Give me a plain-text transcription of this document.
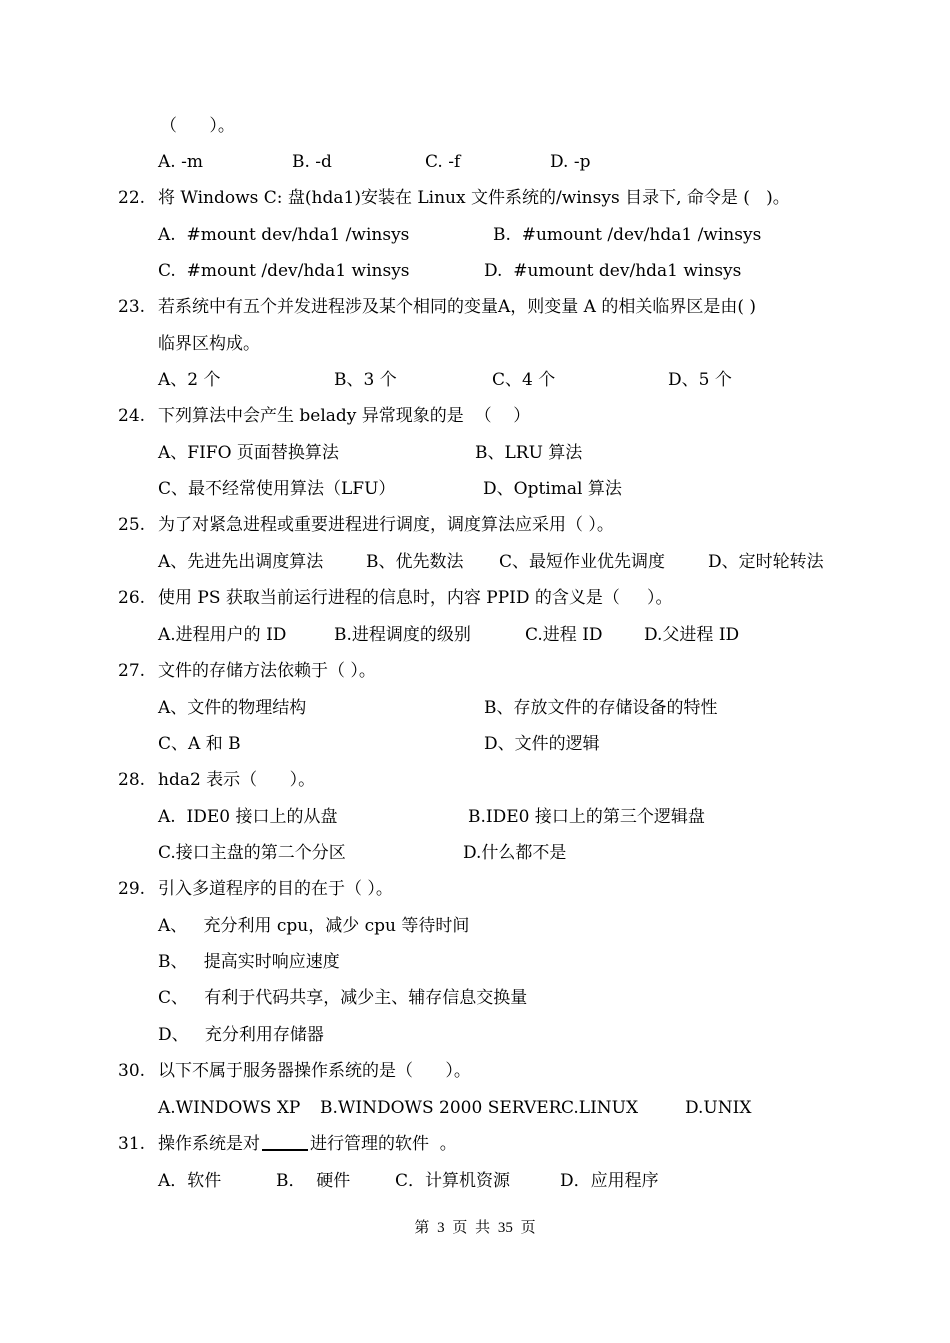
（      ）。
A. -m	B. -d	C. -f	D. -p

22.

将 Windows C: 盘(hda1)安装在 Linux 文件系统的/winsys 目录下, 命令是 (   )。

A.  #mount dev/hda1 /winsys	B.  #umount /dev/hda1 /winsys
C.  #mount /dev/hda1 winsys	D.  #umount dev/hda1 winsys

23.

若系统中有五个并发进程涉及某个相同的变量A，则变量 A 的相关临界区是由( )

临界区构成。
A、2 个	B、3 个	C、4 个	D、5 个

24.

下列算法中会产生 belady 异常现象的是  （    ）

A、FIFO 页面替换算法	B、LRU 算法
C、最不经常使用算法（LFU）	D、Optimal 算法

25.

为了对紧急进程或重要进程进行调度，调度算法应采用（ ）。

A、先进先出调度算法	B、优先数法 C、最短作业优先调度	D、定时轮转法

26.

使用 PS 获取当前运行进程的信息时，内容 PPID 的含义是（     ）。

A.进程用户的 ID	B.进程调度的级别	C.进程 ID D.父进程 ID

27.

文件的存储方法依赖于（ ）。

A、文件的物理结构	B、存放文件的存储设备的特性
C、A 和 B	D、文件的逻辑

28.

hda2 表示（      ）。

A.  IDE0 接口上的从盘	B.IDE0 接口上的第三个逻辑盘
C.接口主盘的第二个分区	D.什么都不是

29.

引入多道程序的目的在于（ ）。

A、   充分利用 cpu，减少 cpu 等待时间
B、   提高实时响应速度
C、   有利于代码共享，减少主、辅存信息交换量
D、   充分利用存储器

30.

以下不属于服务器操作系统的是（      ）。

A.WINDOWS XP B.WINDOWS 2000 SERVER C.LINUX	D.UNIX

31.

操作系统是对	进行管理的软件  。

A．软件	B．  硬件	C．计算机资源	D．应用程序
第 3 页 共 35 页
